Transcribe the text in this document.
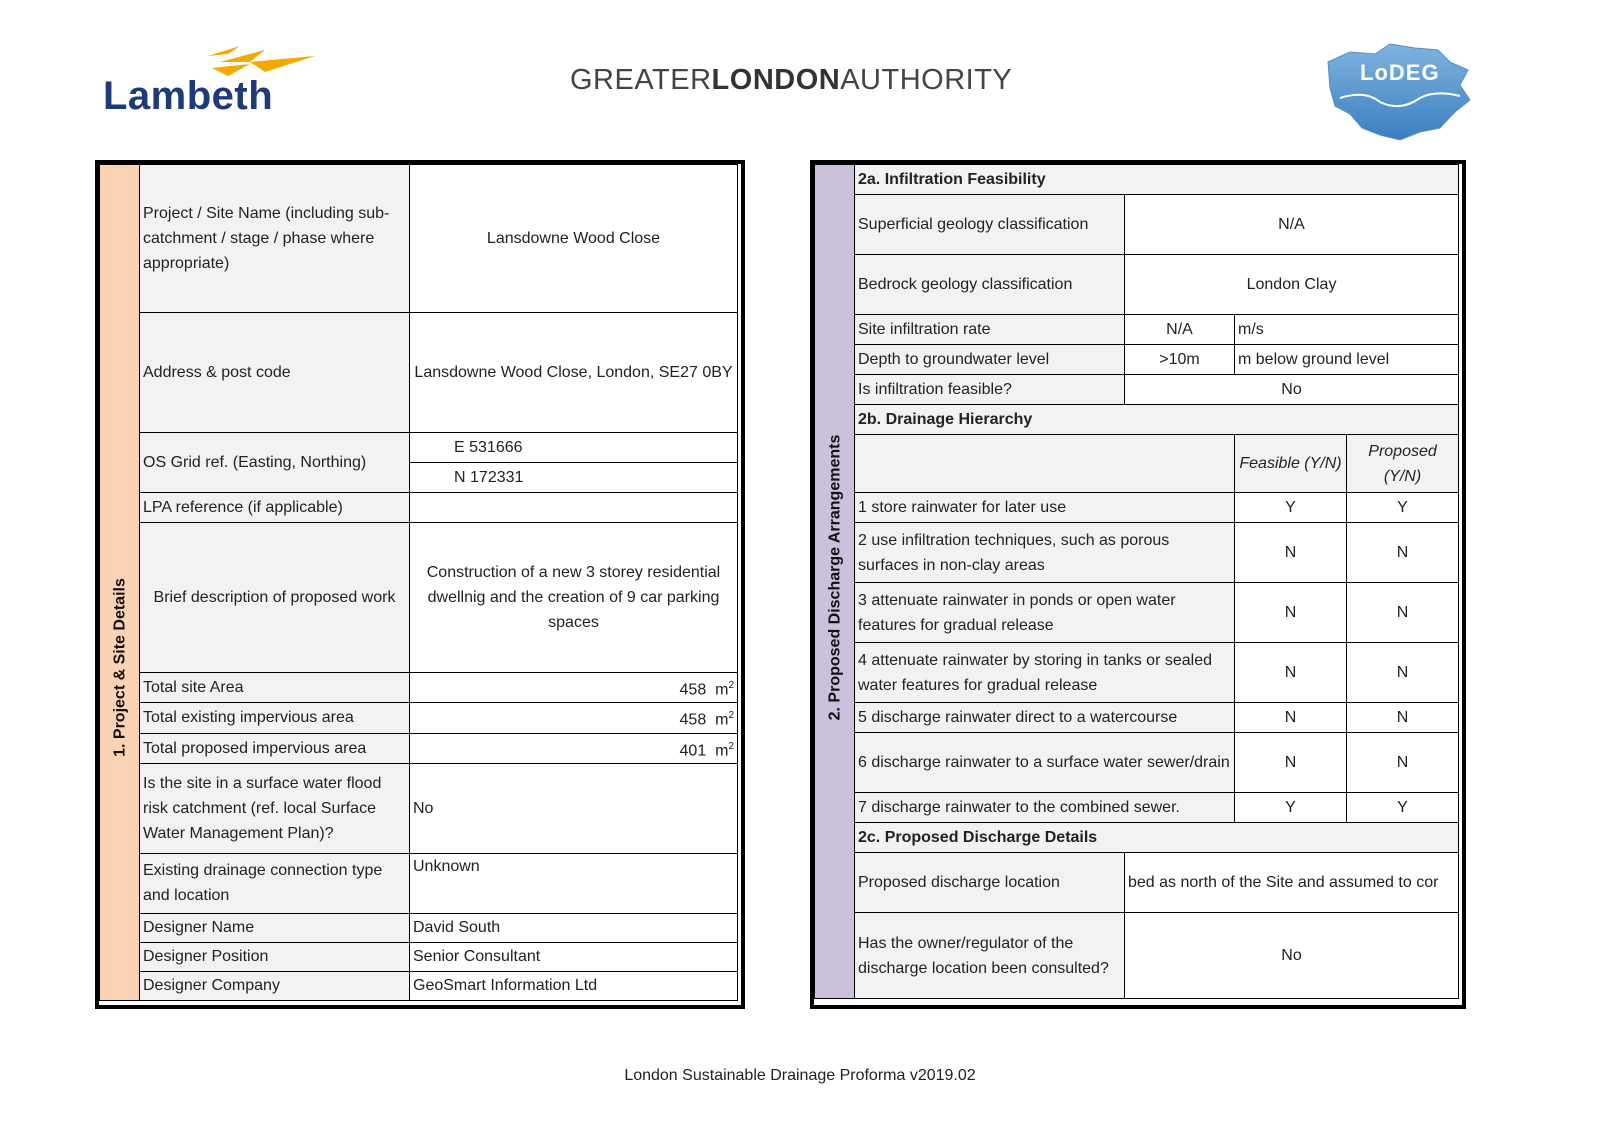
Lambeth	GREATERLONDONAUTHORITY	LoDEG
1. Project & Site Details	Project / Site Name (including sub-catchment / stage / phase where appropriate)	Lansdowne Wood Close
	Address & post code	Lansdowne Wood Close, London, SE27 0BY
	OS Grid ref. (Easting, Northing)	E 531666
		N 172331
	LPA reference (if applicable)	
	Brief description of proposed work	Construction of a new 3 storey residential dwellnig and the creation of 9 car parking spaces
	Total site Area	458 $m^2$
	Total existing impervious area	458 $m^2$
	Total proposed impervious area	401 $m^2$
	Is the site in a surface water flood risk catchment (ref. local Surface Water Management Plan)?	No
	Existing drainage connection type and location	Unknown
	Designer Name	David South
	Designer Position	Senior Consultant
	Designer Company	GeoSmart Information Ltd
2. Proposed Discharge Arrangements	2a. Infiltration Feasibility			
	Superficial geology classification	N/A		
	Bedrock geology classification	London Clay		
	Site infiltration rate	N/A	m/s	
	Depth to groundwater level	>10m	m below ground level	
	Is infiltration feasible?	No		
	2b. Drainage Hierarchy			
			Feasible (Y/N)	Proposed (Y/N)
	1 store rainwater for later use		Y	Y
	2 use infiltration techniques, such as porous surfaces in non-clay areas		N	N
	3 attenuate rainwater in ponds or open water features for gradual release		N	N
	4 attenuate rainwater by storing in tanks or sealed water features for gradual release		N	N
	5 discharge rainwater direct to a watercourse		N	N
	6 discharge rainwater to a surface water sewer/drain		N	N
	7 discharge rainwater to the combined sewer.		Y	Y
	2c. Proposed Discharge Details			
	Proposed discharge location	bed as north of the Site and assumed to cor		
	Has the owner/regulator of the discharge location been consulted?	No		
London Sustainable Drainage Proforma v2019.02
